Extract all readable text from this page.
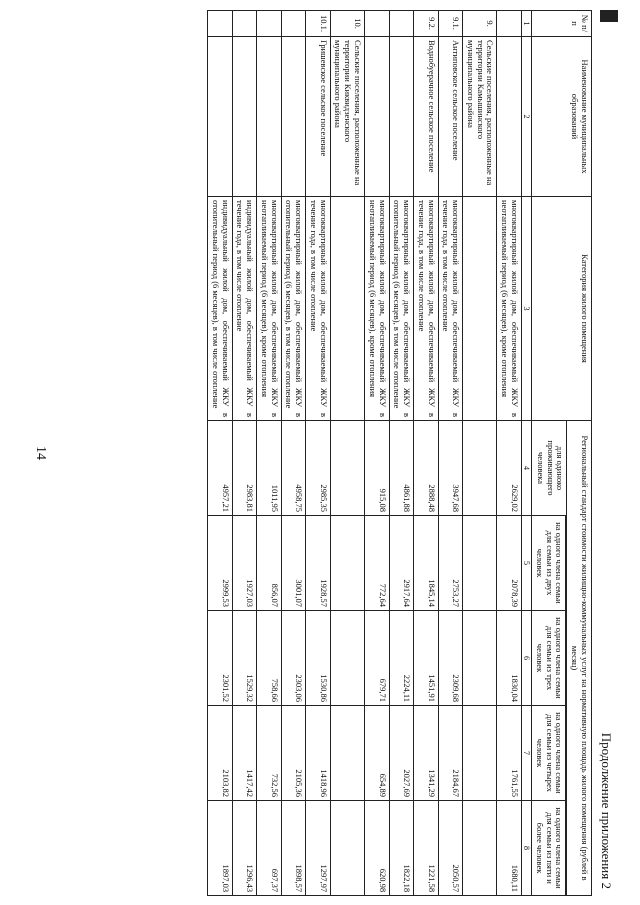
14
Продолжение приложения 2
№ п/п	Наименование муниципальных образований	Категория жилого помещения	Региональный стандарт стоимости жилищно-коммунальных услуг на нормативную площадь жилого помещения (рублей в месяц)				
			для одиноко проживающего человека				
				на одного члена семьи для семьи из двух человек	на одного члена семьи для семьи из трех человек	на одного члена семьи для семьи из четырех человек	на одного члена семьи для семьи из пяти и более человек
1	2	3	4	5	6	7	8
		многоквартирный жилой дом, обеспечиваемый ЖКУ в неотапливаемый период (6 месяцев), кроме отопления	2629,02	2078,39	1830,04	1761,55	1680,11
9.	Сельские поселения, расположенные на территории Камышинского муниципального района						
9.1.	Антиповское сельское поселение	многоквартирный жилой дом, обеспечиваемый ЖКУ в течение года, в том числе отопление	3947,68	2753,27	2309,68	2184,67	2050,57
9.2.	Воднобуерачное сельское поселение	многоквартирный жилой дом, обеспечиваемый ЖКУ в течение года, в том числе отопление	2888,48	1845,14	1451,91	1341,29	1221,58
		многоквартирный жилой дом, обеспечиваемый ЖКУ в отопительный период (6 месяцев), в том числе отопление	4861,88	2917,64	2224,11	2027,69	1822,18
		многоквартирный жилой дом, обеспечиваемый ЖКУ в неотапливаемый период (6 месяцев), кроме отопления	915,08	772,64	679,71	654,89	620,98
10.	Сельские поселения, расположенные на территории Киквидзенского муниципального района						
10.1.	Гришевское сельское поселение	многоквартирный жилой дом, обеспечиваемый ЖКУ в течение года, в том числе отопление	2985,35	1928,57	1530,86	1418,96	1297,97
		многоквартирный жилой дом, обеспечиваемый ЖКУ в отопительный период (6 месяцев), в том числе отопление	4958,75	3001,07	2303,06	2105,36	1898,57
		многоквартирный жилой дом, обеспечиваемый ЖКУ в неотапливаемый период (6 месяцев), кроме отопления	1011,95	856,07	758,66	732,56	697,37
		индивидуальный жилой дом, обеспечиваемый ЖКУ в течение года, в том числе отопление	2983,81	1927,03	1529,32	1417,42	1296,43
		индивидуальный жилой дом, обеспечиваемый ЖКУ в отопительный период (6 месяцев), в том числе отопление	4957,21	2999,53	2301,52	2103,82	1897,03
